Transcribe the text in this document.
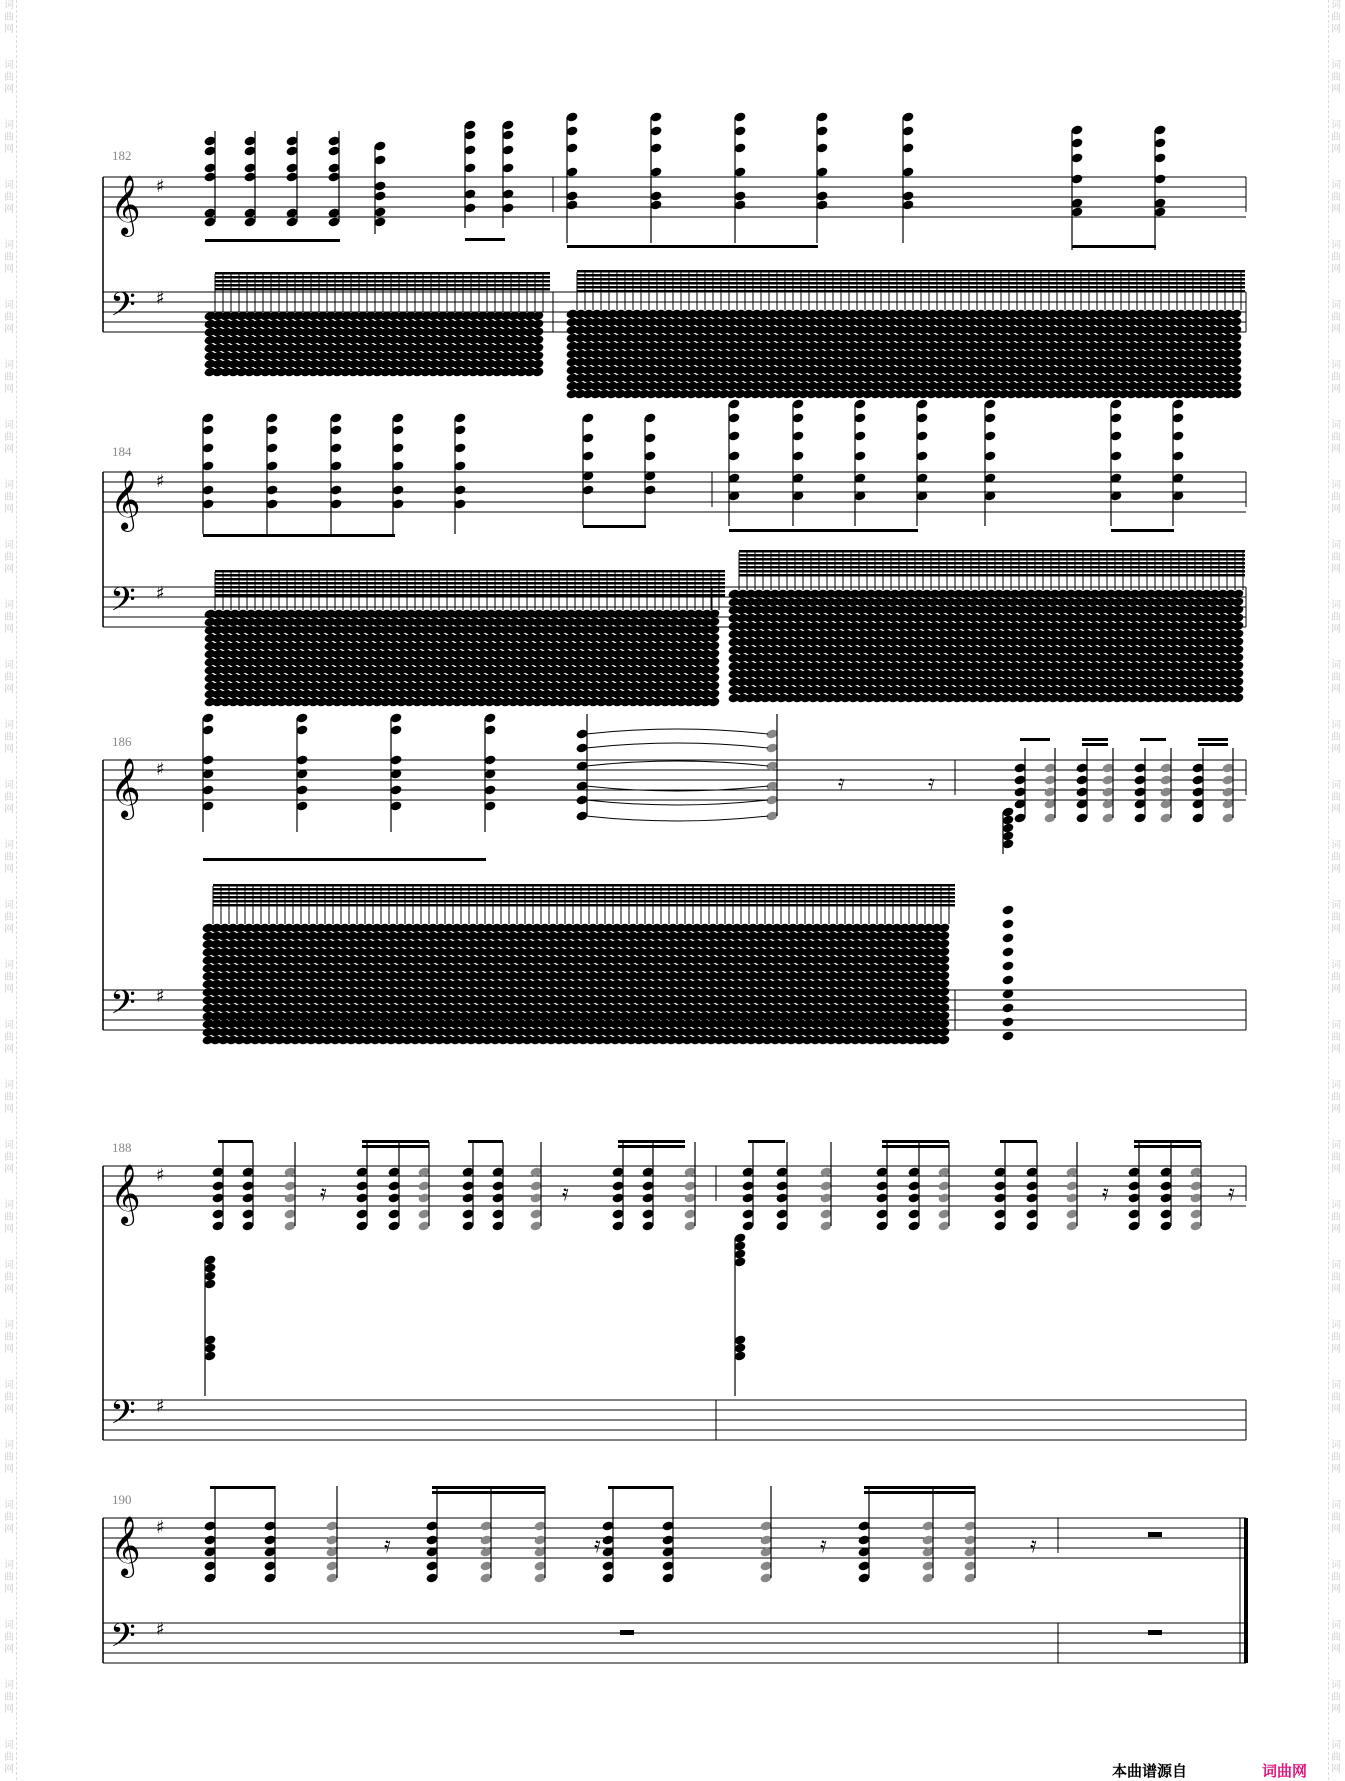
词
曲
网

词
曲
网

词
曲
网

词
曲
网

词
曲
网

词
曲
网

词
曲
网

词
曲
网

词
曲
网

词
曲
网

词
曲
网

词
曲
网

词
曲
网

词
曲
网

词
曲
网

词
曲
网

词
曲
网

词
曲
网

词
曲
网

词
曲
网

词
曲
网

词
曲
网

词
曲
网

词
曲
网

词
曲
网

词
曲
网

词
曲
网

词
曲
网

词
曲
网

词
曲
网

词
曲
网

词
曲
网

词
曲
网

词
曲
网

词
曲
网

词
曲
网

词
曲
网

词
曲
网

词
曲
网

词
曲
网

词
曲
网

词
曲
网

词
曲
网

词
曲
网

词
曲
网

词
曲
网

词
曲
网

词
曲
网

词
曲
网

词
曲
网

词
曲
网

词
曲
网

词
曲
网

词
曲
网

词
曲
网

词
曲
网

词
曲
网

词
曲
网

词
曲
网

词
曲
网

182
184
186
188
190
𝄞 ♯
𝄢 ♯
𝄞 ♯
𝄢 ♯
𝄞 ♯
𝄢 ♯
𝄿	𝄿
𝄞 ♯
𝄢 ♯
𝄿	𝄿	𝄿	𝄿
𝄞 ♯
𝄢 ♯
𝄿	𝄿	𝄿	𝄿
本曲谱源自	词曲网
